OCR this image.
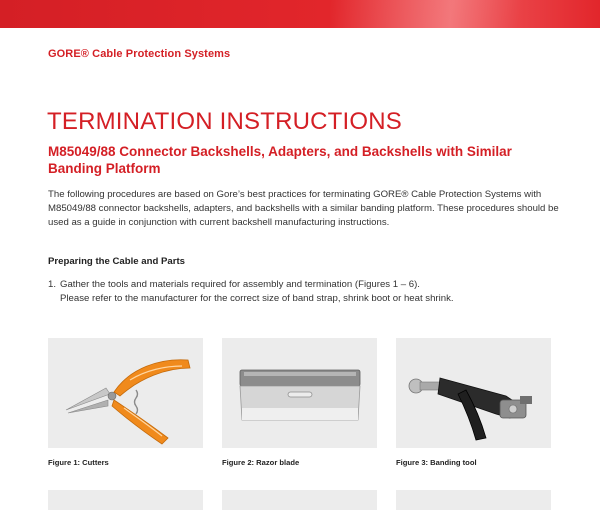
GORE® Cable Protection Systems
TERMINATION INSTRUCTIONS
M85049/88 Connector Backshells, Adapters, and Backshells with Similar Banding Platform

The following procedures are based on Gore’s best practices for terminating GORE® Cable Protection Systems with M85049/88 connector backshells, adapters, and backshells with a similar banding platform. These procedures should be used as a guide in conjunction with current backshell manufacturing instructions.

Preparing the Cable and Parts
1. Gather the tools and materials required for assembly and termination (Figures 1 – 6).
Please refer to the manufacturer for the correct size of band strap, shrink boot or heat shrink.
Figure 1: Cutters	Figure 2: Razor blade	Figure 3: Banding tool
